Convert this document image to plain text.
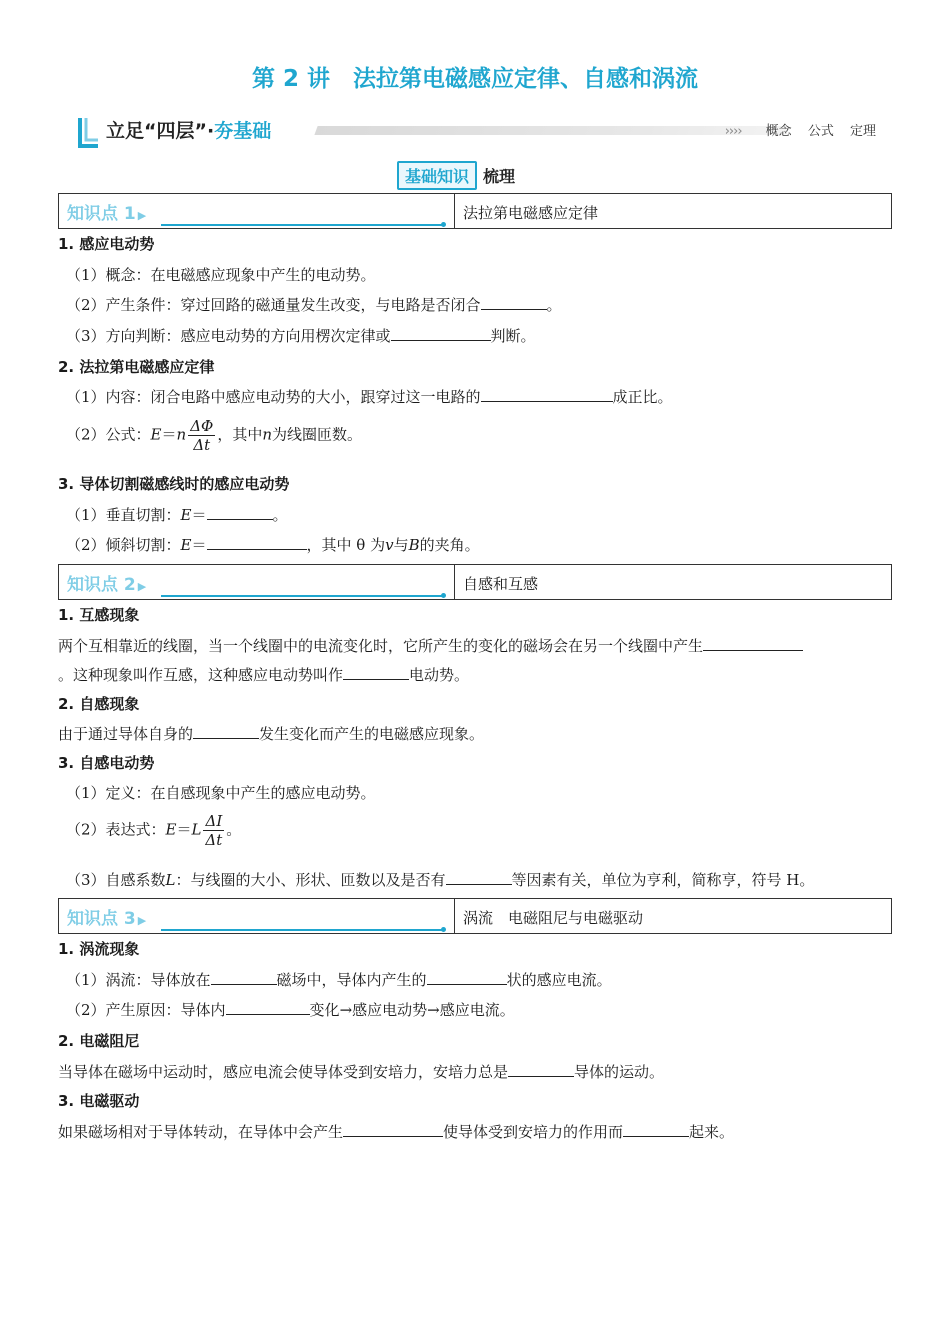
第 2 讲　法拉第电磁感应定律、自感和涡流
立足“四层”·夯基础	›››› 概念 公式 定理
基础知识 梳理
知识点 1 ▶	法拉第电磁感应定律
1. 感应电动势
（1）概念：在电磁感应现象中产生的电动势。
（2）产生条件：穿过回路的磁通量发生改变，与电路是否闭合	。
（3）方向判断：感应电动势的方向用楞次定律或	判断。
2. 法拉第电磁感应定律
（1）内容：闭合电路中感应电动势的大小，跟穿过这一电路的	成正比。
（2）公式：$E=n \frac{\Delta\Phi}{\Delta t}$ ，其中n为线圈匝数。
3. 导体切割磁感线时的感应电动势
（1）垂直切割：E＝	。
（2）倾斜切割：E＝	，其中 θ 为v与B的夹角。
知识点 2 ▶	自感和互感
1. 互感现象
两个互相靠近的线圈，当一个线圈中的电流变化时，它所产生的变化的磁场会在另一个线圈中产生
。这种现象叫作互感，这种感应电动势叫作	电动势。
2. 自感现象
由于通过导体自身的	发生变化而产生的电磁感应现象。
3. 自感电动势
（1）定义：在自感现象中产生的感应电动势。
（2）表达式：$E=L \frac{\Delta I}{\Delta t}$ 。
（3）自感系数L：与线圈的大小、形状、匝数以及是否有	等因素有关，单位为亨利，简称亨，符号 H。
知识点 3 ▶	涡流　电磁阻尼与电磁驱动
1. 涡流现象
（1）涡流：导体放在	磁场中，导体内产生的	状的感应电流。
（2）产生原因：导体内	变化→感应电动势→感应电流。
2. 电磁阻尼
当导体在磁场中运动时，感应电流会使导体受到安培力，安培力总是	导体的运动。
3. 电磁驱动
如果磁场相对于导体转动，在导体中会产生	使导体受到安培力的作用而	起来。
